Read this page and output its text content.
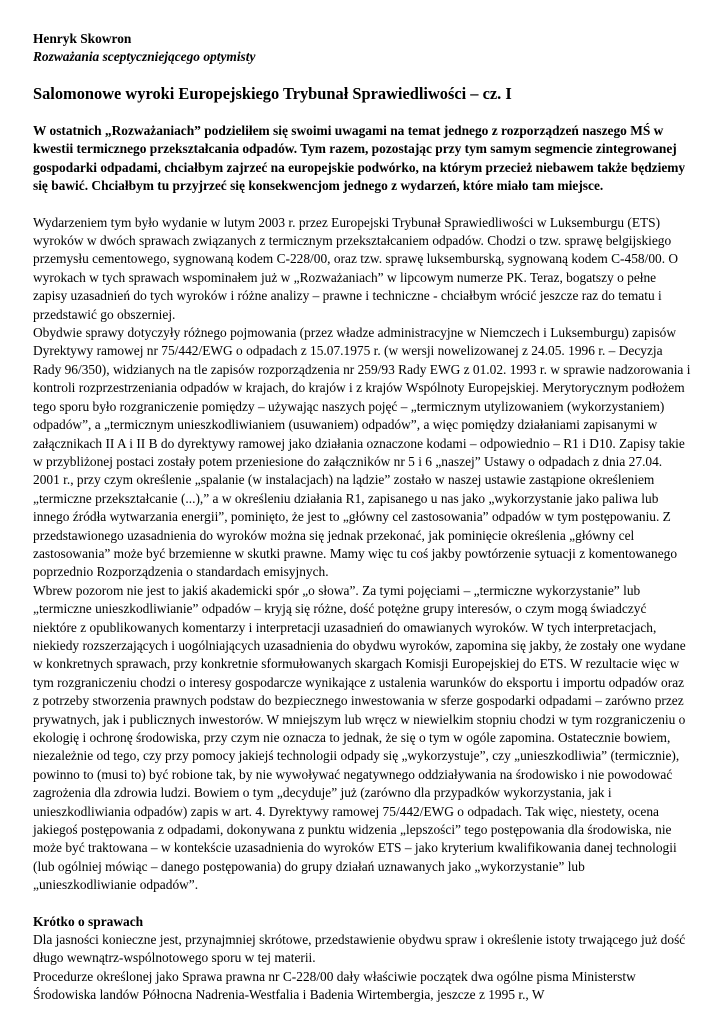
Henryk Skowron
Rozważania sceptyczniejącego optymisty
Salomonowe wyroki Europejskiego Trybunał Sprawiedliwości – cz. I
W ostatnich „Rozważaniach” podzieliłem się swoimi uwagami na temat jednego z rozporządzeń naszego MŚ w kwestii termicznego przekształcania odpadów. Tym razem, pozostając przy tym samym segmencie zintegrowanej gospodarki odpadami, chciałbym zajrzeć na europejskie podwórko, na którym przecież niebawem także będziemy się bawić. Chciałbym tu przyjrzeć się konsekwencjom jednego z wydarzeń, które miało tam miejsce.

Wydarzeniem tym było wydanie w lutym 2003 r. przez Europejski Trybunał Sprawiedliwości w Luksemburgu (ETS) wyroków w dwóch sprawach związanych z termicznym przekształcaniem odpadów. Chodzi o tzw. sprawę belgijskiego przemysłu cementowego, sygnowaną kodem C-228/00, oraz tzw. sprawę luksemburską, sygnowaną kodem C-458/00. O wyrokach w tych sprawach wspominałem już w „Rozważaniach” w lipcowym numerze PK. Teraz, bogatszy o pełne zapisy uzasadnień do tych wyroków i różne analizy – prawne i techniczne - chciałbym wrócić jeszcze raz do tematu i przedstawić go obszerniej.

Obydwie sprawy dotyczyły różnego pojmowania (przez władze administracyjne w Niemczech i Luksemburgu) zapisów Dyrektywy ramowej nr 75/442/EWG o odpadach z 15.07.1975 r. (w wersji nowelizowanej z 24.05. 1996 r. – Decyzja Rady 96/350), widzianych na tle zapisów rozporządzenia nr 259/93 Rady EWG z 01.02. 1993 r. w sprawie nadzorowania i kontroli rozprzestrzeniania odpadów w krajach, do krajów i z krajów Wspólnoty Europejskiej. Merytorycznym podłożem tego sporu było rozgraniczenie pomiędzy – używając naszych pojęć – „termicznym utylizowaniem (wykorzystaniem) odpadów”, a „termicznym unieszkodliwianiem (usuwaniem) odpadów”, a więc pomiędzy działaniami zapisanymi w załącznikach II A i II B do dyrektywy ramowej jako działania oznaczone kodami – odpowiednio – R1 i D10. Zapisy takie w przybliżonej postaci zostały potem przeniesione do załączników nr 5 i 6 „naszej” Ustawy o odpadach z dnia 27.04. 2001 r., przy czym określenie „spalanie (w instalacjach) na lądzie” zostało w naszej ustawie zastąpione określeniem „termiczne przekształcanie (...),” a w określeniu działania R1, zapisanego u nas jako „wykorzystanie jako paliwa lub innego źródła wytwarzania energii”, pominięto, że jest to „główny cel zastosowania” odpadów w tym postępowaniu. Z przedstawionego uzasadnienia do wyroków można się jednak przekonać, jak pominięcie określenia „główny cel zastosowania” może być brzemienne w skutki prawne. Mamy więc tu coś jakby powtórzenie sytuacji z komentowanego poprzednio Rozporządzenia o standardach emisyjnych.

Wbrew pozorom nie jest to jakiś akademicki spór „o słowa”. Za tymi pojęciami – „termiczne wykorzystanie” lub „termiczne unieszkodliwianie” odpadów – kryją się różne, dość potężne grupy interesów, o czym mogą świadczyć niektóre z opublikowanych komentarzy i interpretacji uzasadnień do omawianych wyroków. W tych interpretacjach, niekiedy rozszerzających i uogólniających uzasadnienia do obydwu wyroków, zapomina się jakby, że zostały one wydane w konkretnych sprawach, przy konkretnie sformułowanych skargach Komisji Europejskiej do ETS. W rezultacie więc w tym rozgraniczeniu chodzi o interesy gospodarcze wynikające z ustalenia warunków do eksportu i importu odpadów oraz z potrzeby stworzenia prawnych podstaw do bezpiecznego inwestowania w sferze gospodarki odpadami – zarówno przez prywatnych, jak i publicznych inwestorów. W mniejszym lub wręcz w niewielkim stopniu chodzi w tym rozgraniczeniu o ekologię i ochronę środowiska, przy czym nie oznacza to jednak, że się o tym w ogóle zapomina. Ostatecznie bowiem, niezależnie od tego, czy przy pomocy jakiejś technologii odpady się „wykorzystuje”, czy „unieszkodliwia” (termicznie), powinno to (musi to) być robione tak, by nie wywoływać negatywnego oddziaływania na środowisko i nie powodować zagrożenia dla zdrowia ludzi. Bowiem o tym „decyduje” już (zarówno dla przypadków wykorzystania, jak i unieszkodliwiania odpadów) zapis w art. 4. Dyrektywy ramowej 75/442/EWG o odpadach. Tak więc, niestety, ocena jakiegoś postępowania z odpadami, dokonywana z punktu widzenia „lepszości” tego postępowania dla środowiska, nie może być traktowana – w kontekście uzasadnienia do wyroków ETS – jako kryterium kwalifikowania danej technologii (lub ogólniej mówiąc – danego postępowania) do grupy działań uznawanych jako „wykorzystanie” lub „unieszkodliwianie odpadów”.

Krótko o sprawach

Dla jasności konieczne jest, przynajmniej skrótowe, przedstawienie obydwu spraw i określenie istoty trwającego już dość długo wewnątrz-wspólnotowego sporu w tej materii.

Procedurze określonej jako Sprawa prawna nr C-228/00 dały właściwie początek dwa ogólne pisma Ministerstw Środowiska landów Północna Nadrenia-Westfalia i Badenia Wirtembergia, jeszcze z 1995 r., W
